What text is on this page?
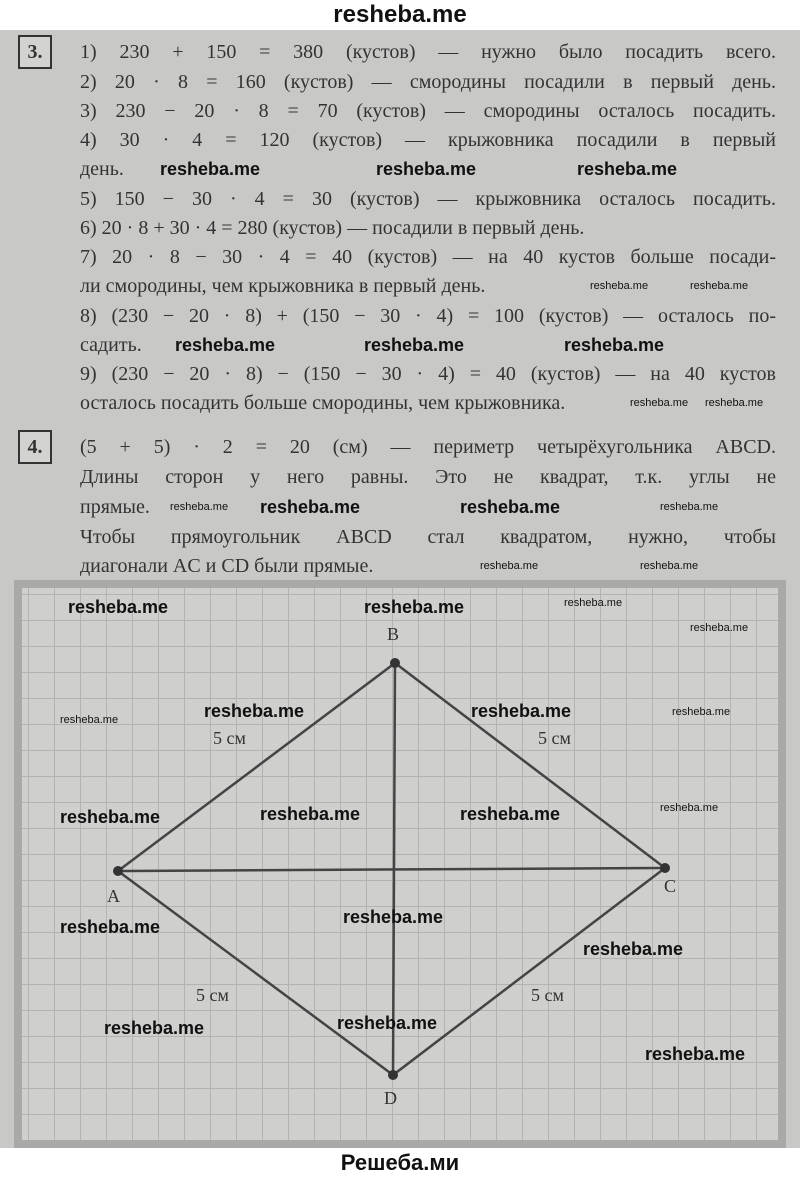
resheba.me
3.	1) 230 + 150 = 380 (кустов) — нужно было посадить всего.
2) 20 · 8 = 160 (кустов) — смородины посадили в первый день.
3) 230 − 20 · 8 = 70 (кустов) — смородины осталось посадить.
4) 30 · 4 = 120 (кустов) — крыжовника посадили в первый
день.
5) 150 − 30 · 4 = 30 (кустов) — крыжовника осталось посадить.
6) 20 · 8 + 30 · 4 = 280 (кустов) — посадили в первый день.
7) 20 · 8 − 30 · 4 = 40 (кустов) — на 40 кустов больше посади-
ли смородины, чем крыжовника в первый день.
8) (230 − 20 · 8) + (150 − 30 · 4) = 100 (кустов) — осталось по-
садить.
9) (230 − 20 · 8) − (150 − 30 · 4) = 40 (кустов) — на 40 кустов
осталось посадить больше смородины, чем крыжовника.
4.	(5 + 5) · 2 = 20 (см) — периметр четырёхугольника ABCD.
Длины сторон у него равны. Это не квадрат, т.к. углы не
прямые.
Чтобы прямоугольник ABCD стал квадратом, нужно, чтобы
диагонали AC и CD были прямые.
B
A	C
D
5 см	5 см
5 см	5 см
resheba.me	resheba.me
resheba.me resheba.me
resheba.me	resheba.me	resheba.me
resheba.me	resheba.me	resheba.me
resheba.me resheba.me	resheba.me	resheba.me
resheba.me	resheba.me
resheba.me	resheba.me	resheba.me
resheba.me
resheba.me	resheba.me	resheba.me	resheba.me
resheba.me	resheba.me	resheba.me	resheba.me
resheba.me	resheba.me
resheba.me
resheba.me	resheba.me
resheba.me
Решеба.ми
